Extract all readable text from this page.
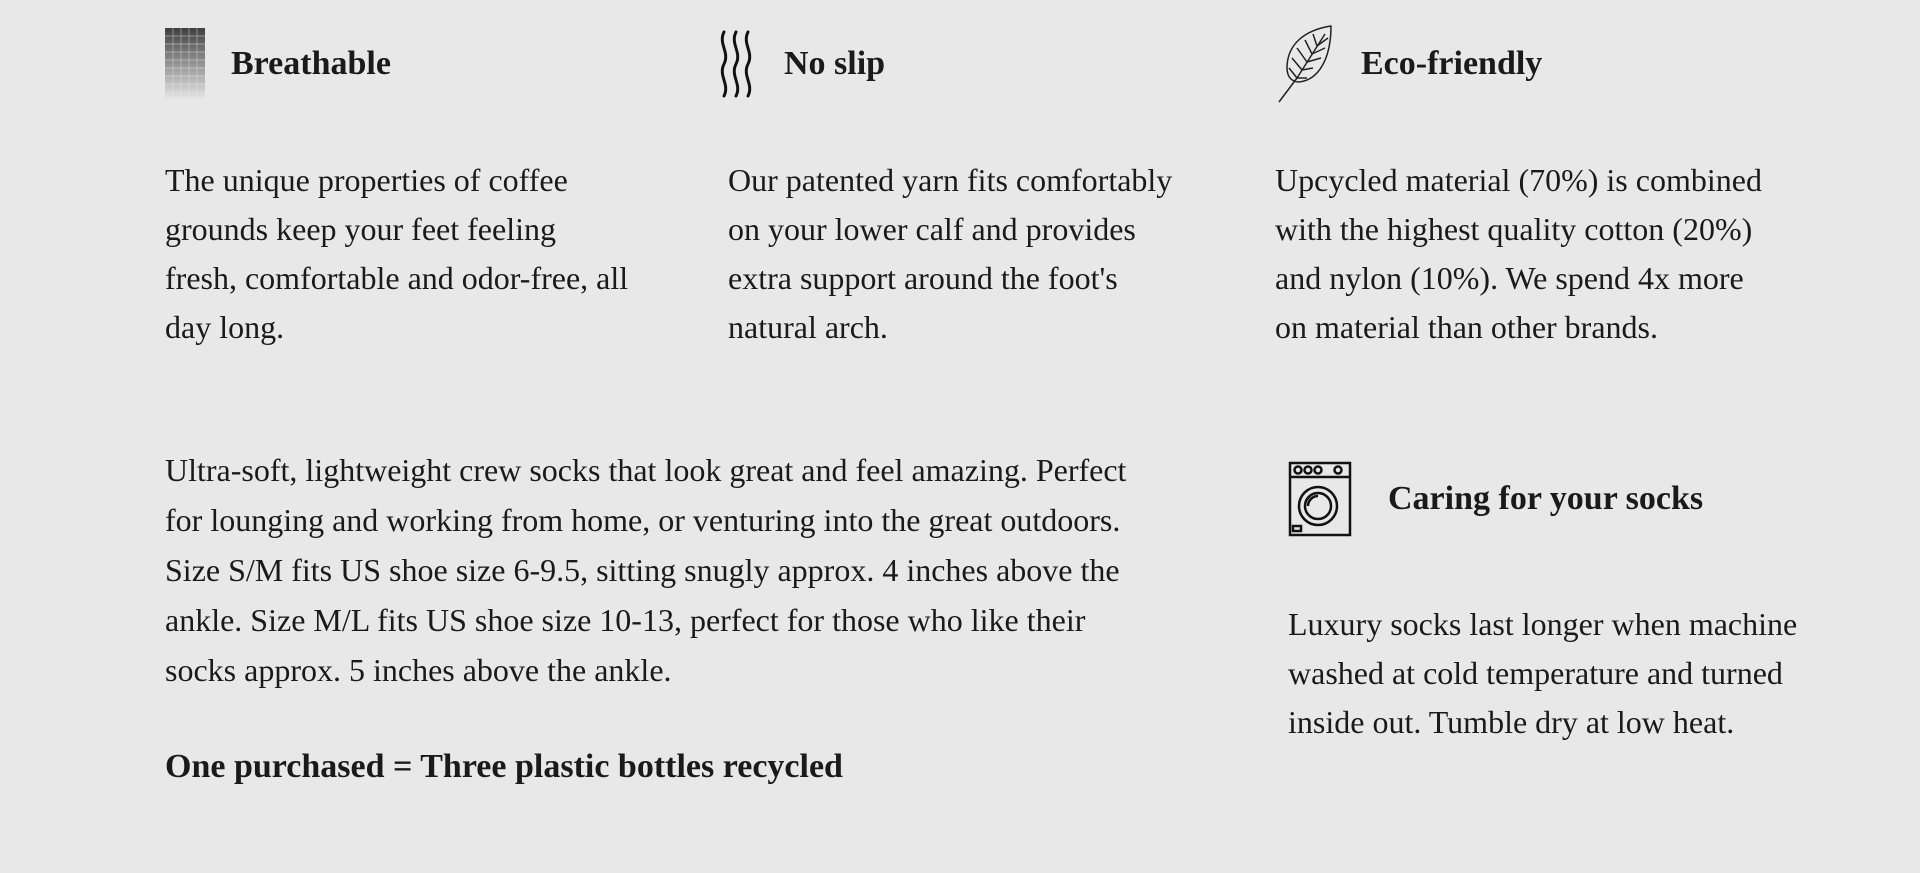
Breathable

The unique properties of coffee grounds keep your feet feeling fresh, comfortable and odor-free, all day long.

No slip

Our patented yarn fits comfortably on your lower calf and provides extra support around the foot's natural arch.

Eco-friendly

Upcycled material (70%) is combined with the highest quality cotton (20%) and nylon (10%). We spend 4x more on material than other brands.

Ultra-soft, lightweight crew socks that look great and feel amazing. Perfect for lounging and working from home, or venturing into the great outdoors. Size S/M fits US shoe size 6-9.5, sitting snugly approx. 4 inches above the ankle. Size M/L fits US shoe size 10-13, perfect for those who like their socks approx. 5 inches above the ankle.

One purchased = Three plastic bottles recycled

Caring for your socks

Luxury socks last longer when machine washed at cold temperature and turned inside out. Tumble dry at low heat.
